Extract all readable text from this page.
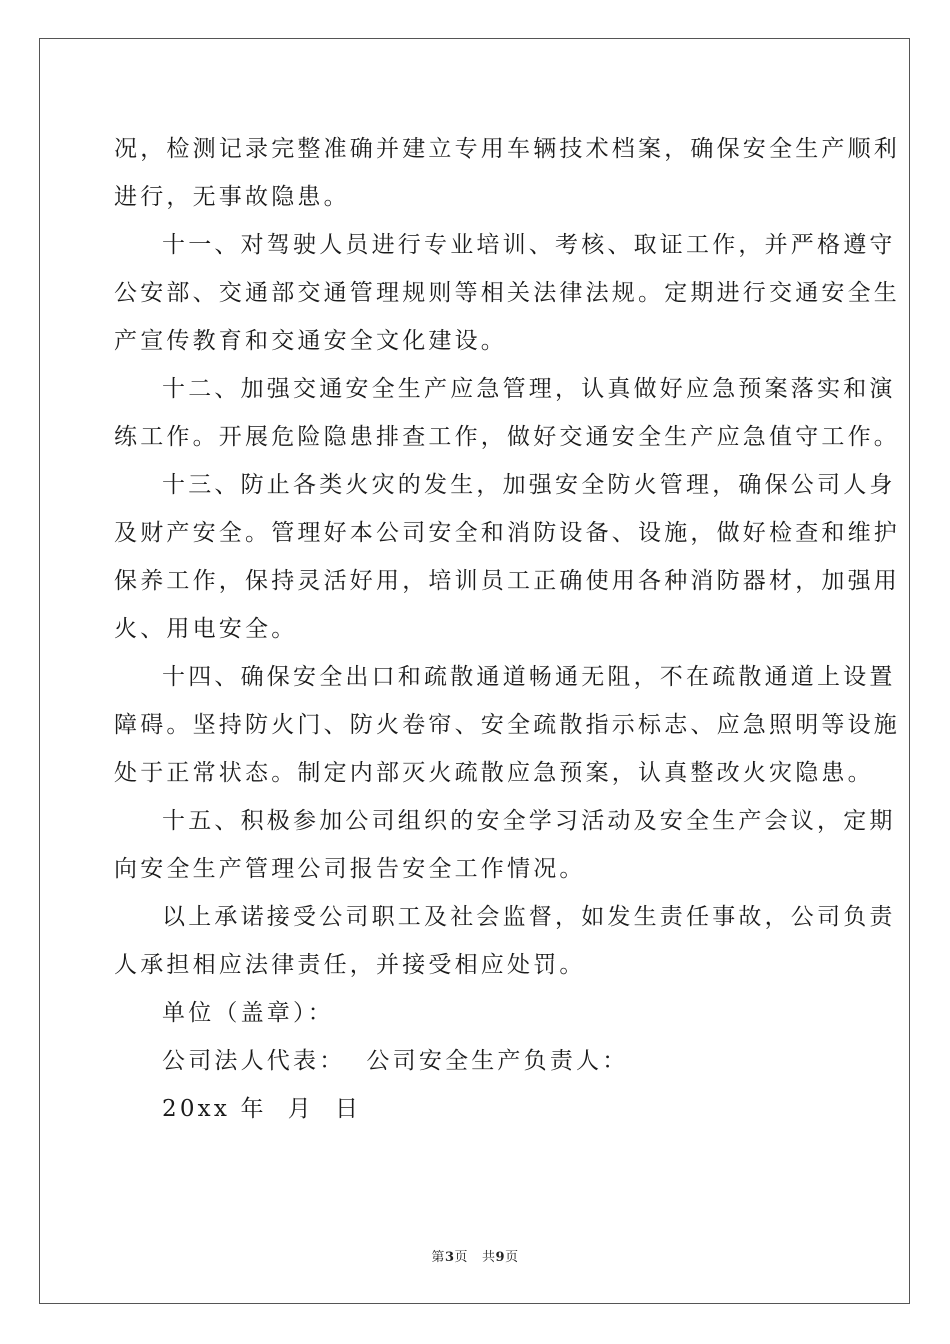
况，检测记录完整准确并建立专用车辆技术档案，确保安全生产顺利
进行，无事故隐患。
十一、对驾驶人员进行专业培训、考核、取证工作，并严格遵守
公安部、交通部交通管理规则等相关法律法规。定期进行交通安全生
产宣传教育和交通安全文化建设。
十二、加强交通安全生产应急管理，认真做好应急预案落实和演
练工作。开展危险隐患排查工作，做好交通安全生产应急值守工作。
十三、防止各类火灾的发生，加强安全防火管理，确保公司人身
及财产安全。管理好本公司安全和消防设备、设施，做好检查和维护
保养工作，保持灵活好用，培训员工正确使用各种消防器材，加强用
火、用电安全。
十四、确保安全出口和疏散通道畅通无阻，不在疏散通道上设置
障碍。坚持防火门、防火卷帘、安全疏散指示标志、应急照明等设施
处于正常状态。制定内部灭火疏散应急预案，认真整改火灾隐患。
十五、积极参加公司组织的安全学习活动及安全生产会议，定期
向安全生产管理公司报告安全工作情况。
以上承诺接受公司职工及社会监督，如发生责任事故，公司负责
人承担相应法律责任，并接受相应处罚。
单位（盖章）：
公司法人代表：  公司安全生产负责人：
20xx 年  月  日
第3页 共9页
